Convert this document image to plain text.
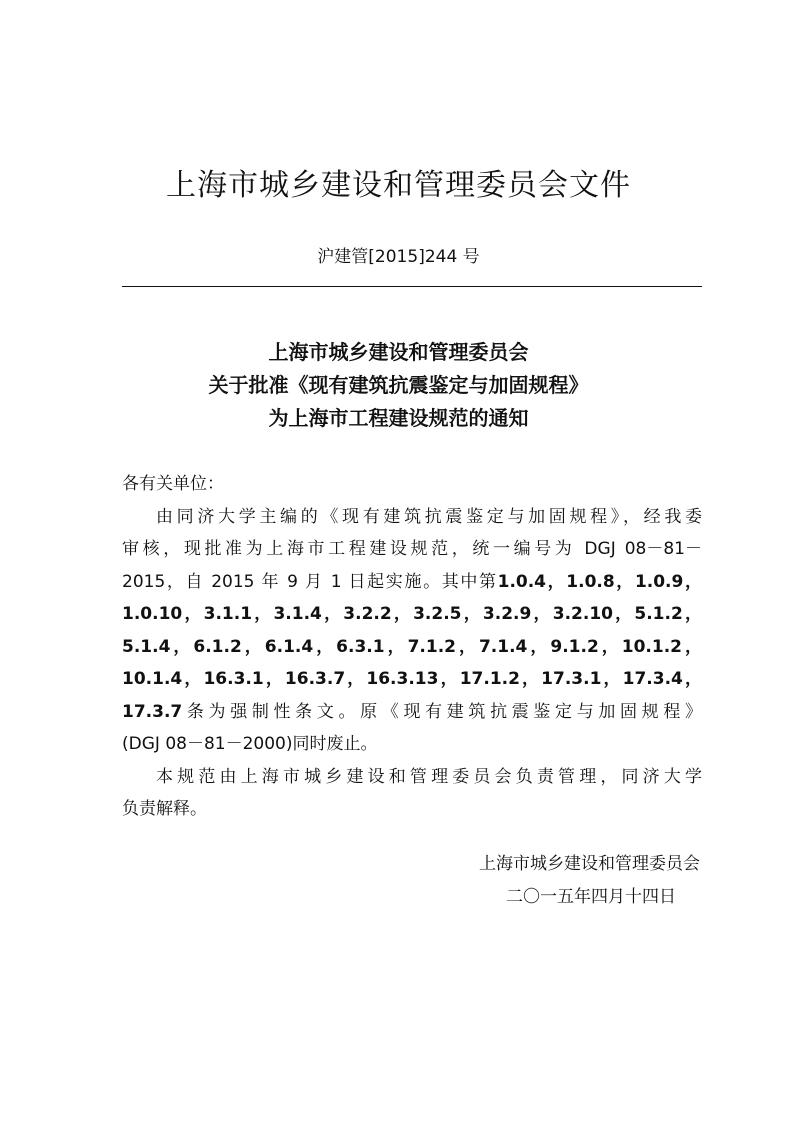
上海市城乡建设和管理委员会文件
沪建管[2015]244 号
上海市城乡建设和管理委员会
关于批准《现有建筑抗震鉴定与加固规程》
为上海市工程建设规范的通知
各有关单位：
由同济大学主编的《现有建筑抗震鉴定与加固规程》，经我委
审核，现批准为上海市工程建设规范，统一编号为 DGJ 08－81－
2015，自 2015 年 9 月 1 日起实施。其中第1.0.4，1.0.8，1.0.9，
1.0.10，3.1.1，3.1.4，3.2.2，3.2.5，3.2.9，3.2.10，5.1.2，
5.1.4，6.1.2，6.1.4，6.3.1，7.1.2，7.1.4，9.1.2，10.1.2，
10.1.4，16.3.1，16.3.7，16.3.13，17.1.2，17.3.1，17.3.4，
17.3.7条为强制性条文。原《现有建筑抗震鉴定与加固规程》
(DGJ 08－81－2000)同时废止。
本规范由上海市城乡建设和管理委员会负责管理，同济大学
负责解释。
上海市城乡建设和管理委员会
二〇一五年四月十四日
